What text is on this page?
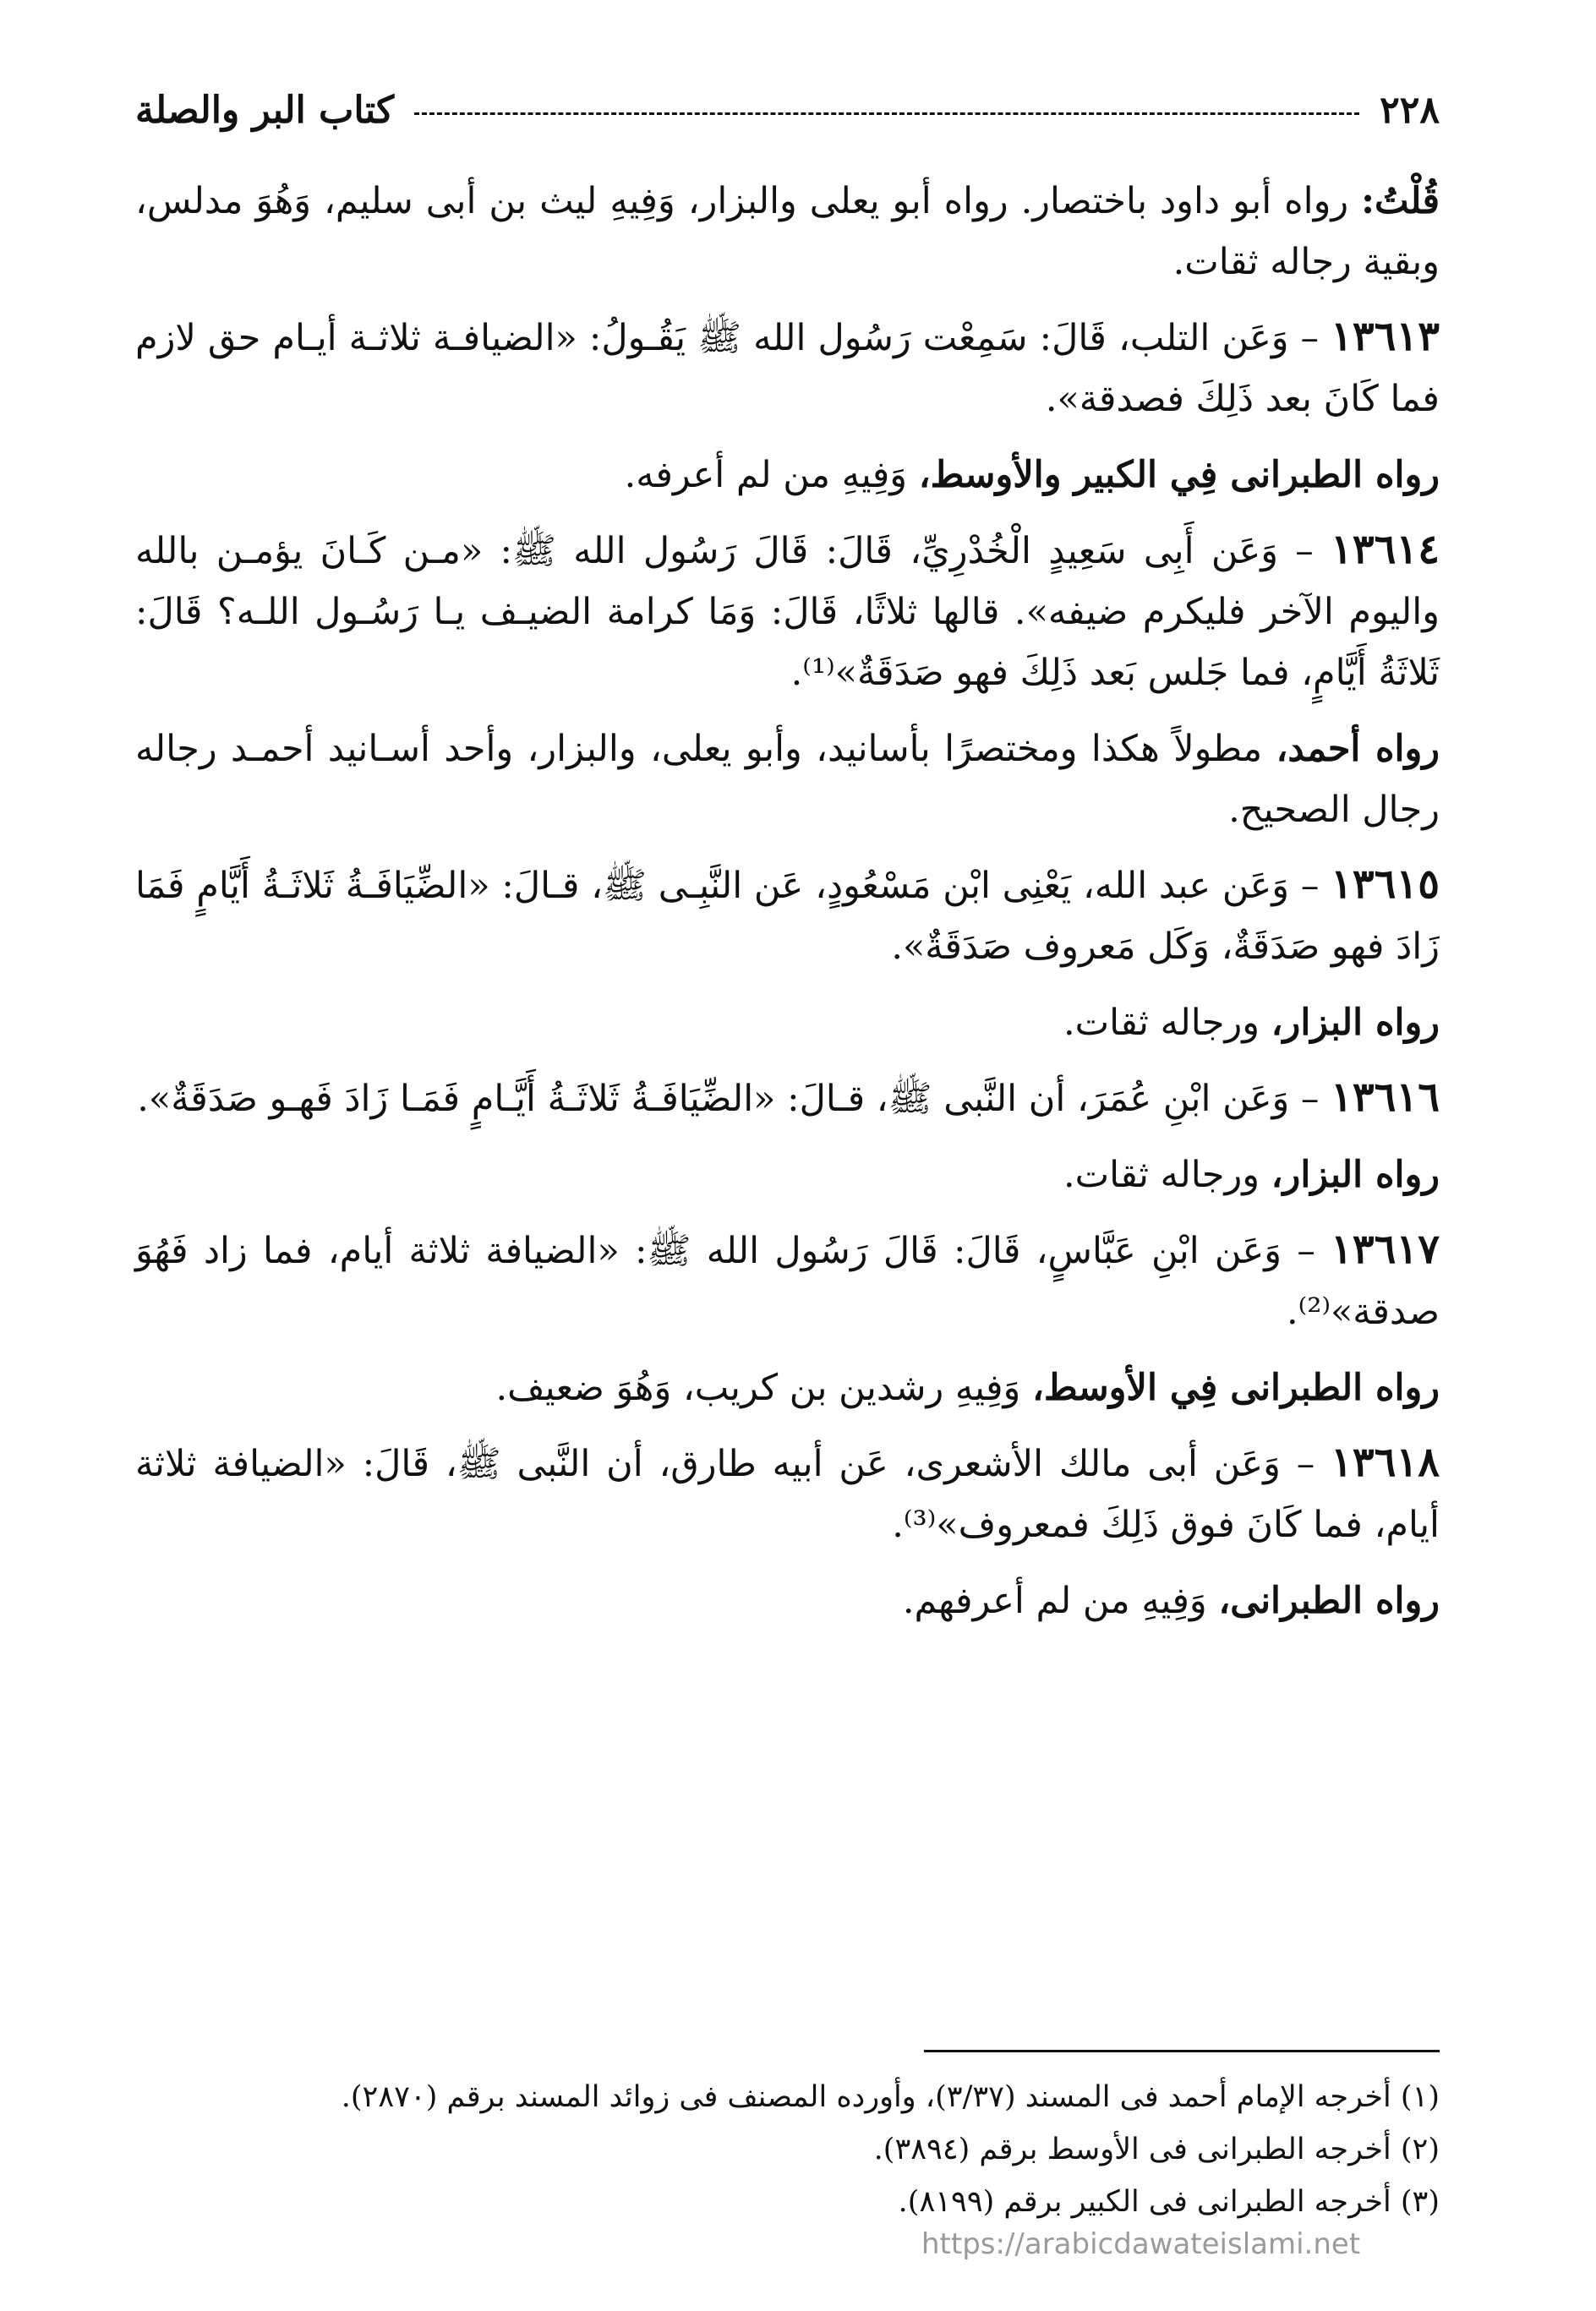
٢٢٨
كتاب البر والصلة

قُلْتُ: رواه أبو داود باختصار. رواه أبو يعلى والبزار، وَفِيهِ ليث بن أبى سليم، وَهُوَ مدلس، وبقية رجاله ثقات.

١٣٦١٣ – وَعَن التلب، قَالَ: سَمِعْت رَسُول الله ﷺ يَقُـولُ: «الضيافـة ثلاثـة أيـام حق لازم فما كَانَ بعد ذَلِكَ فصدقة».

رواه الطبرانى فِي الكبير والأوسط، وَفِيهِ من لم أعرفه.

١٣٦١٤ – وَعَن أَبِى سَعِيدٍ الْخُدْرِيِّ، قَالَ: قَالَ رَسُول الله ﷺ: «مـن كَـانَ يؤمـن بالله واليوم الآخر فليكرم ضيفه». قالها ثلاثًا، قَالَ: وَمَا كرامة الضيـف يـا رَسُـول اللـه؟ قَالَ: ثَلاثَةُ أَيَّامٍ، فما جَلس بَعد ذَلِكَ فهو صَدَقَةٌ»⁽¹⁾.

رواه أحمد، مطولاً هكذا ومختصرًا بأسانيد، وأبو يعلى، والبزار، وأحد أسـانيد أحمـد رجاله رجال الصحيح.

١٣٦١٥ – وَعَن عبد الله، يَعْنِى ابْن مَسْعُودٍ، عَن النَّبِـى ﷺ، قـالَ: «الضِّيَافَـةُ ثَلاثَـةُ أَيَّامٍ فَمَا زَادَ فهو صَدَقَةٌ، وَكَل مَعروف صَدَقَةٌ».

رواه البزار، ورجاله ثقات.

١٣٦١٦ – وَعَن ابْنِ عُمَرَ، أن النَّبى ﷺ، قـالَ: «الضِّيَافَـةُ ثَلاثَـةُ أَيَّـامٍ فَمَـا زَادَ فَهـو صَدَقَةٌ».

رواه البزار، ورجاله ثقات.

١٣٦١٧ – وَعَن ابْنِ عَبَّاسٍ، قَالَ: قَالَ رَسُول الله ﷺ: «الضيافة ثلاثة أيام، فما زاد فَهُوَ صدقة»⁽²⁾.

رواه الطبرانى فِي الأوسط، وَفِيهِ رشدين بن كريب، وَهُوَ ضعيف.

١٣٦١٨ – وَعَن أبى مالك الأشعرى، عَن أبيه طارق، أن النَّبى ﷺ، قَالَ: «الضيافة ثلاثة أيام، فما كَانَ فوق ذَلِكَ فمعروف»⁽³⁾.

رواه الطبرانى، وَفِيهِ من لم أعرفهم.

(١) أخرجه الإمام أحمد فى المسند (٣/٣٧)، وأورده المصنف فى زوائد المسند برقم (٢٨٧٠).

(٢) أخرجه الطبرانى فى الأوسط برقم (٣٨٩٤).

(٣) أخرجه الطبرانى فى الكبير برقم (٨١٩٩).

https://arabicdawateislami.net
